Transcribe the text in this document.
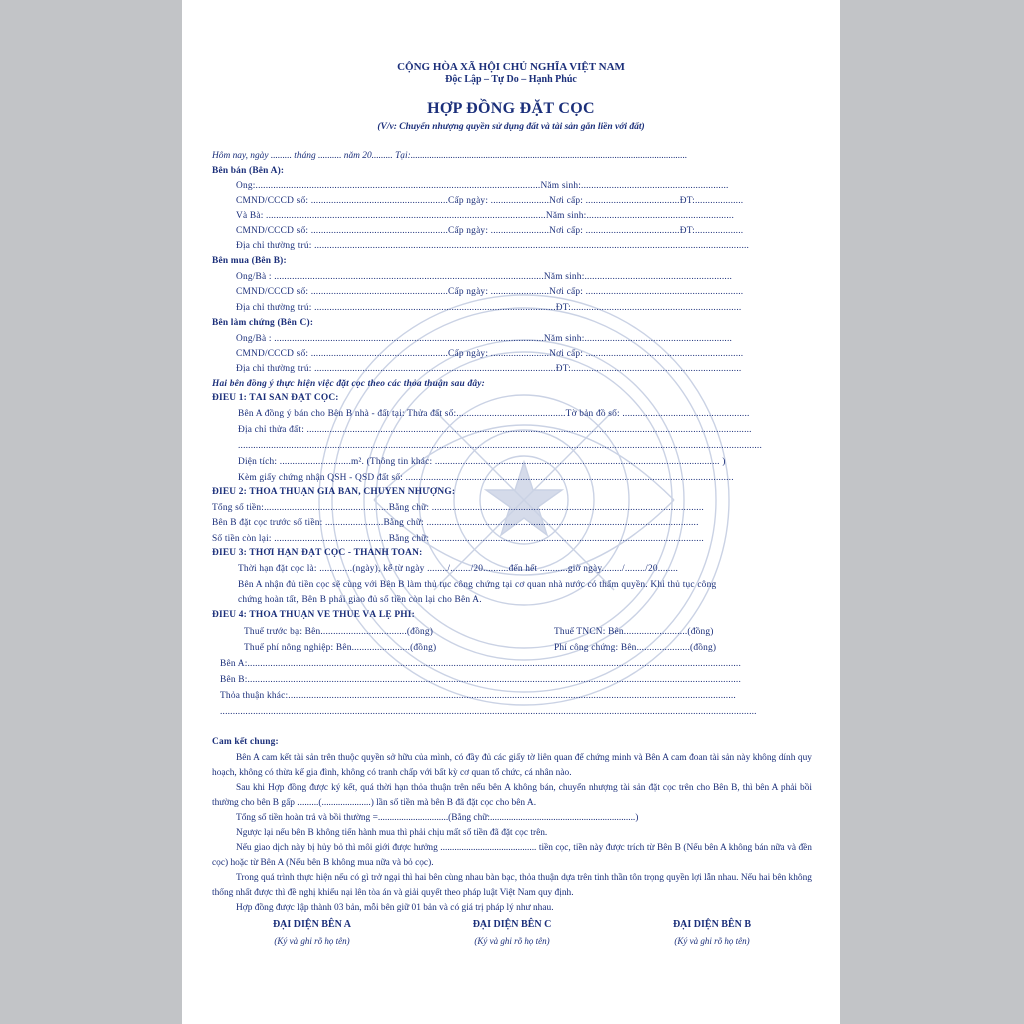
CỘNG HÒA XÃ HỘI CHỦ NGHĨA VIỆT NAM
Độc Lập – Tự Do – Hạnh Phúc
HỢP ĐỒNG ĐẶT CỌC
(V/v: Chuyển nhượng quyền sử dụng đất và tài sản gắn liền với đất)
Hôm nay, ngày ......... tháng .......... năm 20......... Tại:......................................................................................................................
Bên bán (Bên A):
Ông:................................................................................................................Năm sinh:..........................................................
CMND/CCCD số: ......................................................Cấp ngày: .......................Nơi cấp: .....................................ĐT:...................
Và Bà: ..............................................................................................................Năm sinh:..........................................................
CMND/CCCD số: ......................................................Cấp ngày: .......................Nơi cấp: .....................................ĐT:...................
Địa chỉ thường trú: ...........................................................................................................................................................................
Bên mua (Bên B):
Ông/Bà : ..........................................................................................................Năm sinh:..........................................................
CMND/CCCD số: ......................................................Cấp ngày: .......................Nơi cấp: ..............................................................
Địa chỉ thường trú: ...............................................................................................ĐT:...................................................................
Bên làm chứng (Bên C):
Ông/Bà : ..........................................................................................................Năm sinh:..........................................................
CMND/CCCD số: ......................................................Cấp ngày: .......................Nơi cấp: ..............................................................
Địa chỉ thường trú: ...............................................................................................ĐT:...................................................................
Hai bên đồng ý thực hiện việc đặt cọc theo các thỏa thuận sau đây:
ĐIỀU 1: TÀI SẢN ĐẶT CỌC:
Bên A đồng ý bán cho Bên B nhà - đất tại: Thửa đất số:...........................................Tờ bản đồ số: ..................................................
Địa chỉ thửa đất: ...............................................................................................................................................................................
..............................................................................................................................................................................................................
Diện tích: ............................m². (Thông tin khác: ................................................................................................................ )
Kèm giấy chứng nhận QSH - QSD đất số: .................................................................................................................................
ĐIỀU 2: THỎA THUẬN GIÁ BÁN, CHUYỂN NHƯỢNG:
Tổng số tiền:.................................................Bằng chữ: ...........................................................................................................
Bên B đặt cọc trước số tiền: .......................Bằng chữ: ...........................................................................................................
Số tiền còn lại: .............................................Bằng chữ: ...........................................................................................................
ĐIỀU 3: THỜI HẠN ĐẶT CỌC - THANH TOÁN:
Thời hạn đặt cọc là: .............(ngày), kể từ ngày ......../......../20..........đến hết ...........giờ ngày......../......../20........
Bên A nhận đủ tiền cọc sẽ cùng với Bên B làm thủ tục công chứng tại cơ quan nhà nước có thẩm quyền. Khi thủ tục công
chứng hoàn tất, Bên B phải giao đủ số tiền còn lại cho Bên A.
ĐIỀU 4: THỎA THUẬN VỀ THUẾ VÀ LỆ PHÍ:
Thuế trước bạ: Bên..................................(đồng)	Thuế TNCN: Bên.........................(đồng)
Thuế phí nông nghiệp: Bên.......................(đồng)	Phí công chứng: Bên.....................(đồng)
Bên A:..................................................................................................................................................................................................
Bên B:..................................................................................................................................................................................................
Thỏa thuận khác:................................................................................................................................................................................
...................................................................................................................................................................................................................
Cam kết chung:
Bên A cam kết tài sản trên thuộc quyền sở hữu của mình, có đầy đủ các giấy tờ liên quan để chứng minh và Bên A cam đoan tài sản này không dính quy hoạch, không có thừa kế gia đình, không có tranh chấp với bất kỳ cơ quan tổ chức, cá nhân nào.
Sau khi Hợp đồng được ký kết, quá thời hạn thỏa thuận trên nếu bên A không bán, chuyển nhượng tài sản đặt cọc trên cho Bên B, thì bên A phải bồi thường cho bên B gấp .........(.....................) lần số tiền mà bên B đã đặt cọc cho bên A.
Tổng số tiền hoàn trả và bồi thường =..............................(Bằng chữ:..............................................................)
Ngược lại nếu bên B không tiến hành mua thì phải chịu mất số tiền đã đặt cọc trên.
Nếu giao dịch này bị hủy bỏ thì môi giới được hưởng ......................................... tiền cọc, tiền này được trích từ Bên B (Nếu bên A không bán nữa và đền cọc) hoặc từ Bên A (Nếu bên B không mua nữa và bỏ cọc).
Trong quá trình thực hiện nếu có gì trở ngại thì hai bên cùng nhau bàn bạc, thỏa thuận dựa trên tinh thần tôn trọng quyền lợi lẫn nhau. Nếu hai bên không thống nhất được thì đề nghị khiếu nại lên tòa án và giải quyết theo pháp luật Việt Nam quy định.
Hợp đồng được lập thành 03 bản, mỗi bên giữ 01 bản và có giá trị pháp lý như nhau.
ĐẠI DIỆN BÊN A
(Ký và ghi rõ họ tên)
ĐẠI DIỆN BÊN C
(Ký và ghi rõ họ tên)
ĐẠI DIỆN BÊN B
(Ký và ghi rõ họ tên)
